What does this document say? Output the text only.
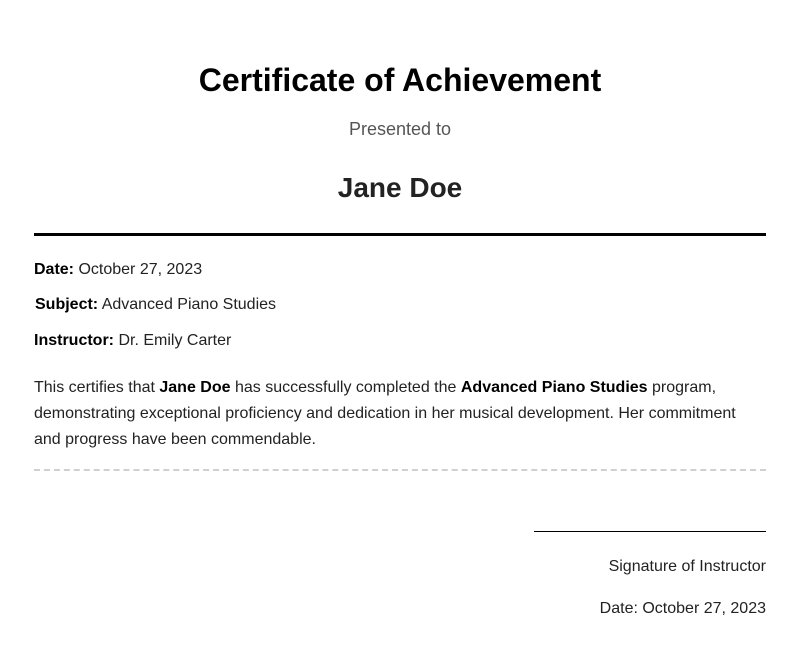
Certificate of Achievement
Presented to
Jane Doe
Date: October 27, 2023
Subject: Advanced Piano Studies
Instructor: Dr. Emily Carter
This certifies that Jane Doe has successfully completed the Advanced Piano Studies program, demonstrating exceptional proficiency and dedication in her musical development. Her commitment and progress have been commendable.
Signature of Instructor
Date: October 27, 2023
